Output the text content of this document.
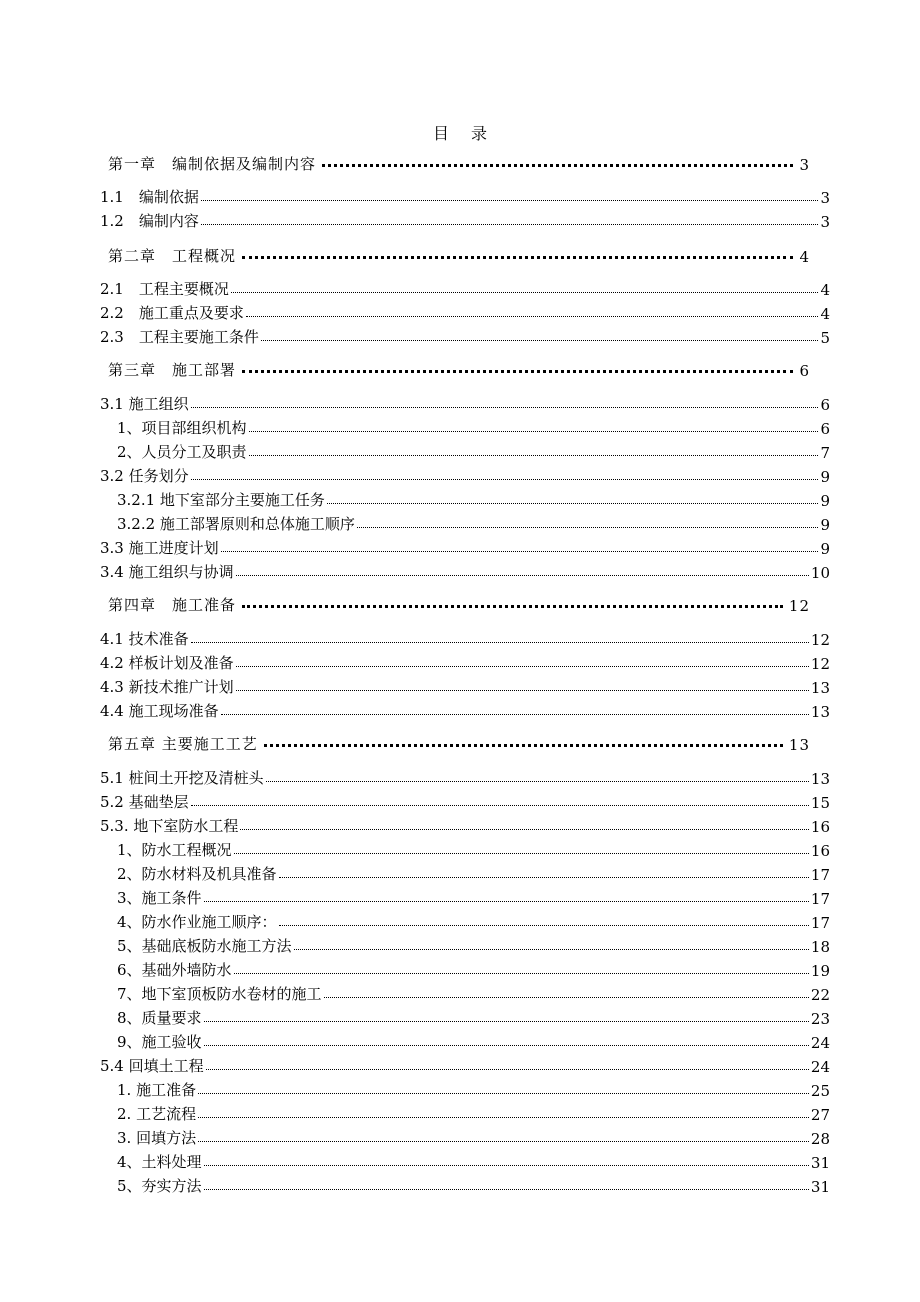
目录
第一章　编制依据及编制内容	3
1.1　编制依据	3
1.2　编制内容	3
第二章　工程概况	4
2.1　工程主要概况	4
2.2　施工重点及要求	4
2.3　工程主要施工条件	5
第三章　施工部署	6
3.1 施工组织	6
1、项目部组织机构	6
2、人员分工及职责	7
3.2 任务划分	9
3.2.1 地下室部分主要施工任务	9
3.2.2 施工部署原则和总体施工顺序	9
3.3 施工进度计划	9
3.4 施工组织与协调	10
第四章　施工准备	12
4.1 技术准备	12
4.2 样板计划及准备	12
4.3 新技术推广计划	13
4.4 施工现场准备	13
第五章 主要施工工艺	13
5.1 桩间土开挖及清桩头	13
5.2 基础垫层	15
5.3. 地下室防水工程	16
1、防水工程概况	16
2、防水材料及机具准备	17
3、施工条件	17
4、防水作业施工顺序：	17
5、基础底板防水施工方法	18
6、基础外墙防水	19
7、地下室顶板防水卷材的施工	22
8、质量要求	23
9、施工验收	24
5.4 回填土工程	24
1. 施工准备	25
2. 工艺流程	27
3. 回填方法	28
4、土料处理	31
5、夯实方法	31
